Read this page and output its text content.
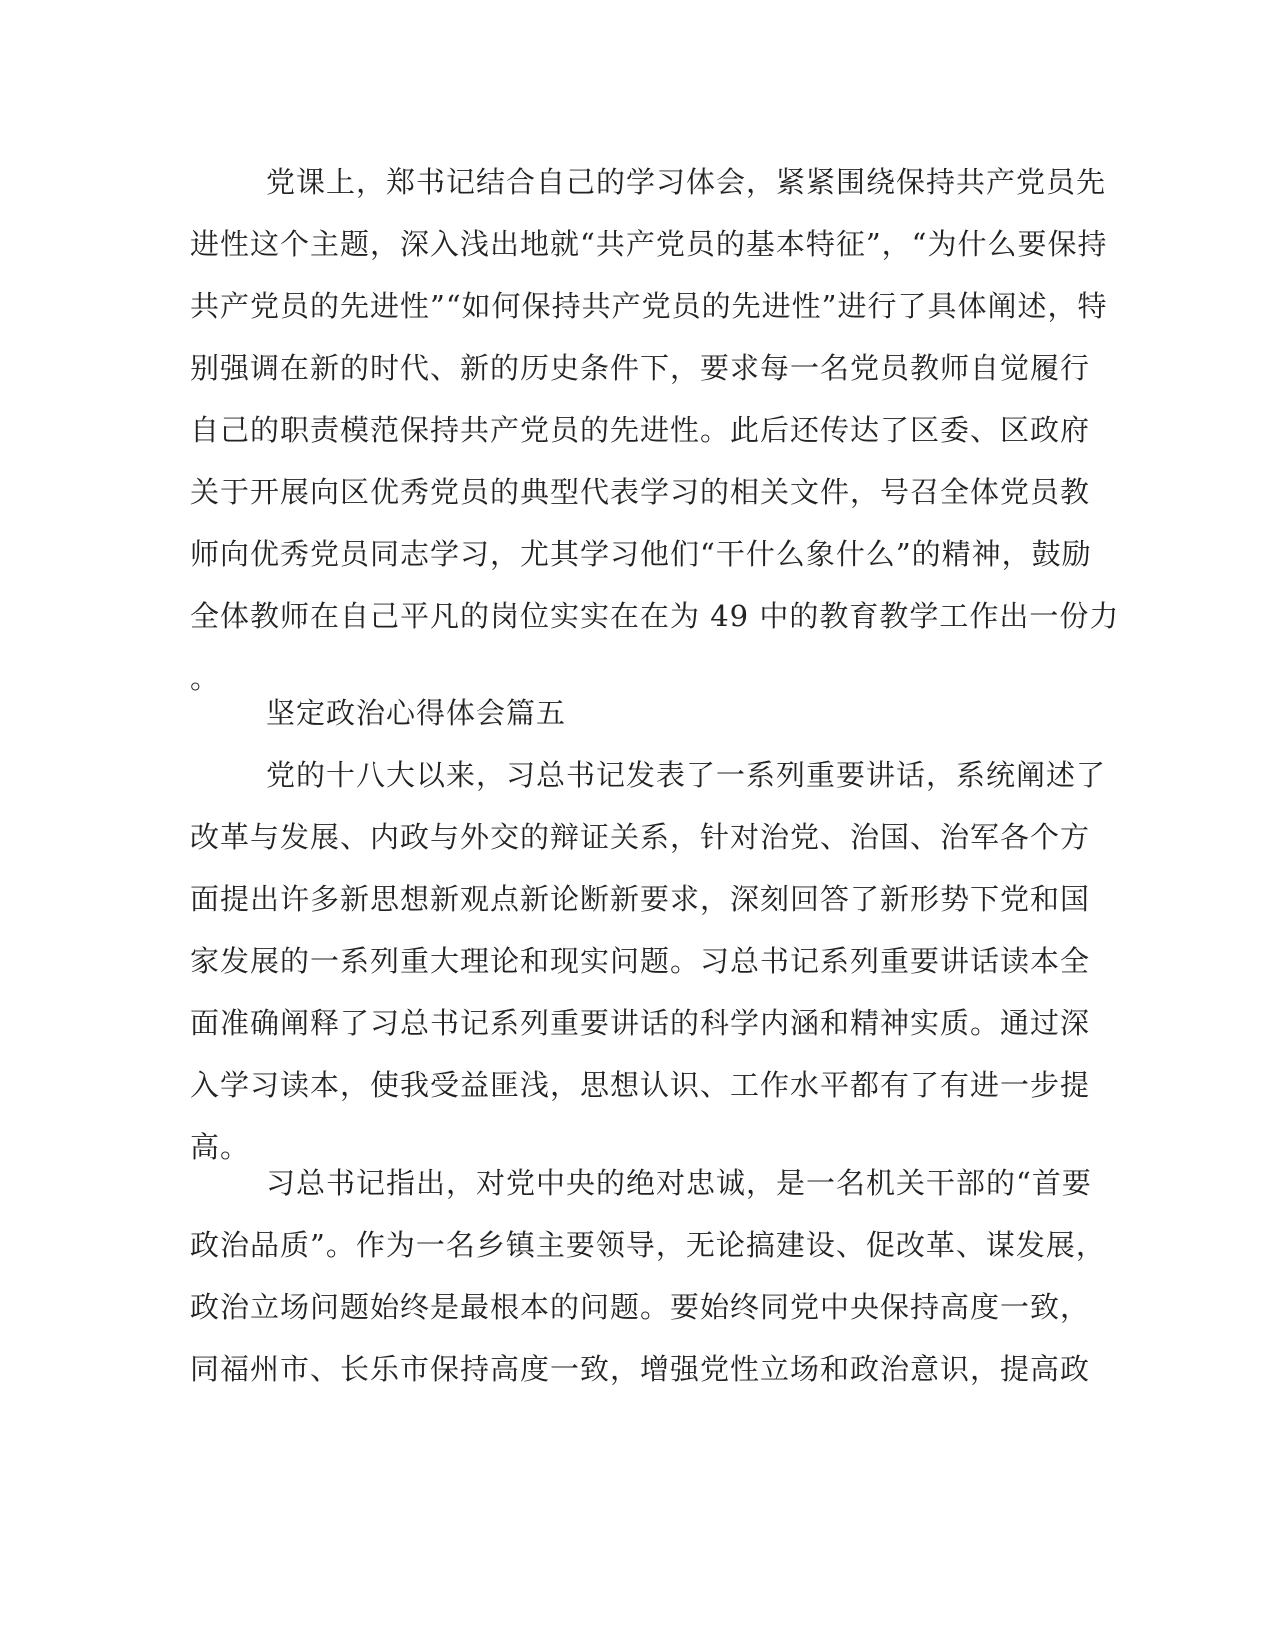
党课上，郑书记结合自己的学习体会，紧紧围绕保持共产党员先
进性这个主题，深入浅出地就“共产党员的基本特征”，“为什么要保持
共产党员的先进性”“如何保持共产党员的先进性”进行了具体阐述，特
别强调在新的时代、新的历史条件下，要求每一名党员教师自觉履行
自己的职责模范保持共产党员的先进性。此后还传达了区委、区政府
关于开展向区优秀党员的典型代表学习的相关文件，号召全体党员教
师向优秀党员同志学习，尤其学习他们“干什么象什么”的精神，鼓励
全体教师在自己平凡的岗位实实在在为 49 中的教育教学工作出一份力
。
坚定政治心得体会篇五
党的十八大以来，习总书记发表了一系列重要讲话，系统阐述了
改革与发展、内政与外交的辩证关系，针对治党、治国、治军各个方
面提出许多新思想新观点新论断新要求，深刻回答了新形势下党和国
家发展的一系列重大理论和现实问题。习总书记系列重要讲话读本全
面准确阐释了习总书记系列重要讲话的科学内涵和精神实质。通过深
入学习读本，使我受益匪浅，思想认识、工作水平都有了有进一步提
高。
习总书记指出，对党中央的绝对忠诚，是一名机关干部的“首要
政治品质”。作为一名乡镇主要领导，无论搞建设、促改革、谋发展，
政治立场问题始终是最根本的问题。要始终同党中央保持高度一致，
同福州市、长乐市保持高度一致，增强党性立场和政治意识，提高政
